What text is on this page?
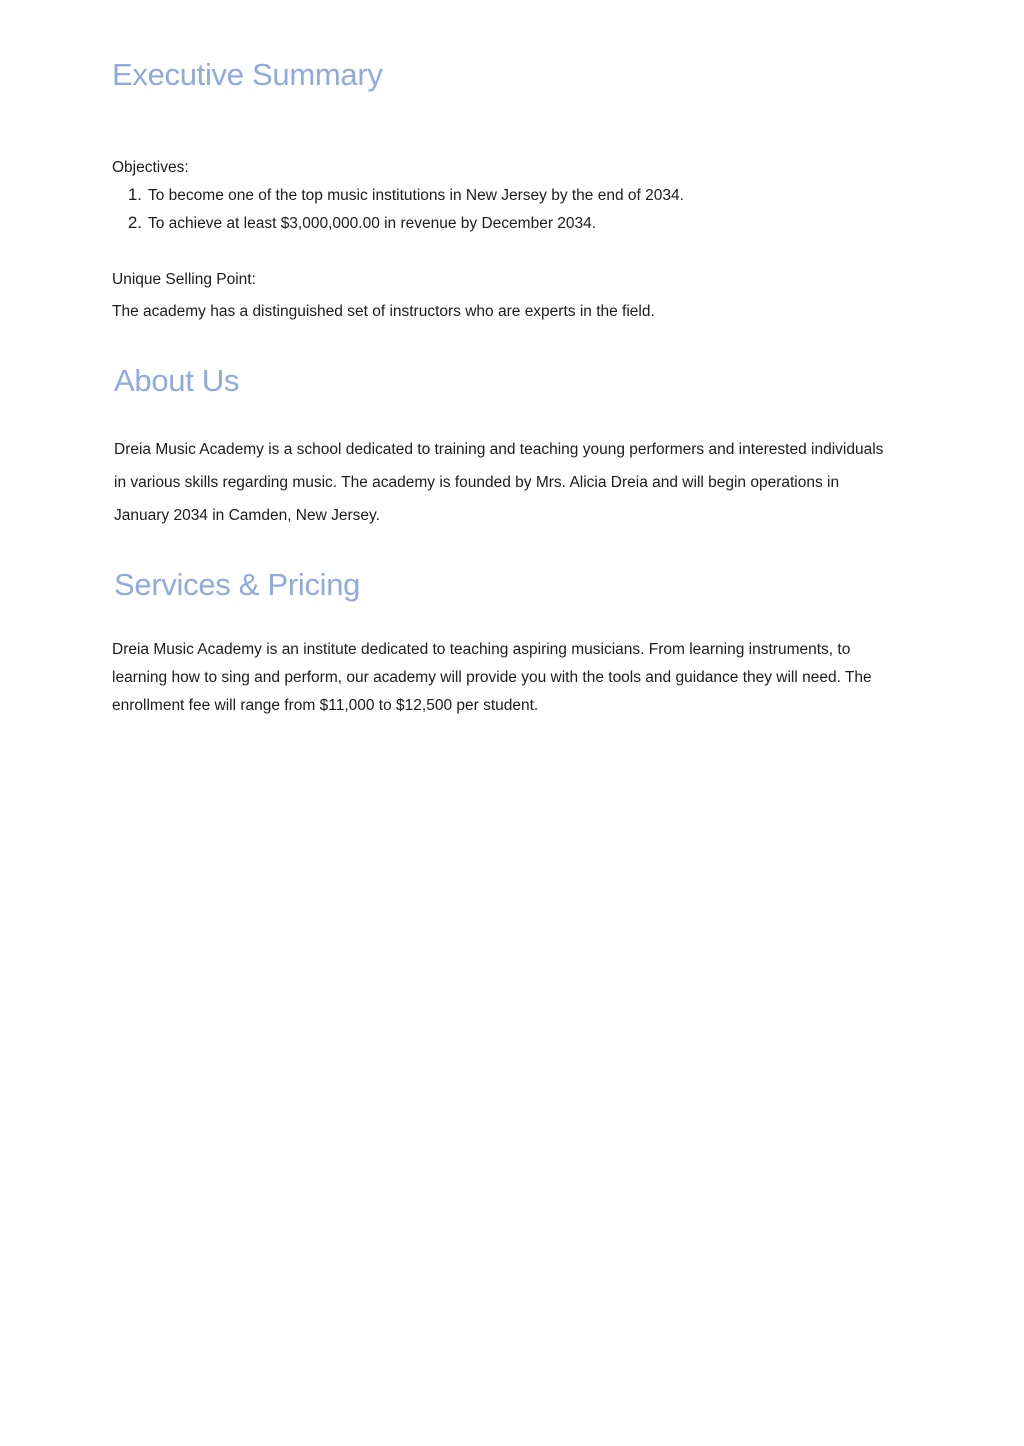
Executive Summary

Objectives:

1. To become one of the top music institutions in New Jersey by the end of 2034.
2. To achieve at least $3,000,000.00 in revenue by December 2034.

Unique Selling Point:

The academy has a distinguished set of instructors who are experts in the field.

About Us

Dreia Music Academy is a school dedicated to training and teaching young performers and interested individuals

in various skills regarding music. The academy is founded by Mrs. Alicia Dreia and will begin operations in

January 2034 in Camden, New Jersey.

Services & Pricing

Dreia Music Academy is an institute dedicated to teaching aspiring musicians. From learning instruments, to

learning how to sing and perform, our academy will provide you with the tools and guidance they will need. The

enrollment fee will range from $11,000 to $12,500 per student.
